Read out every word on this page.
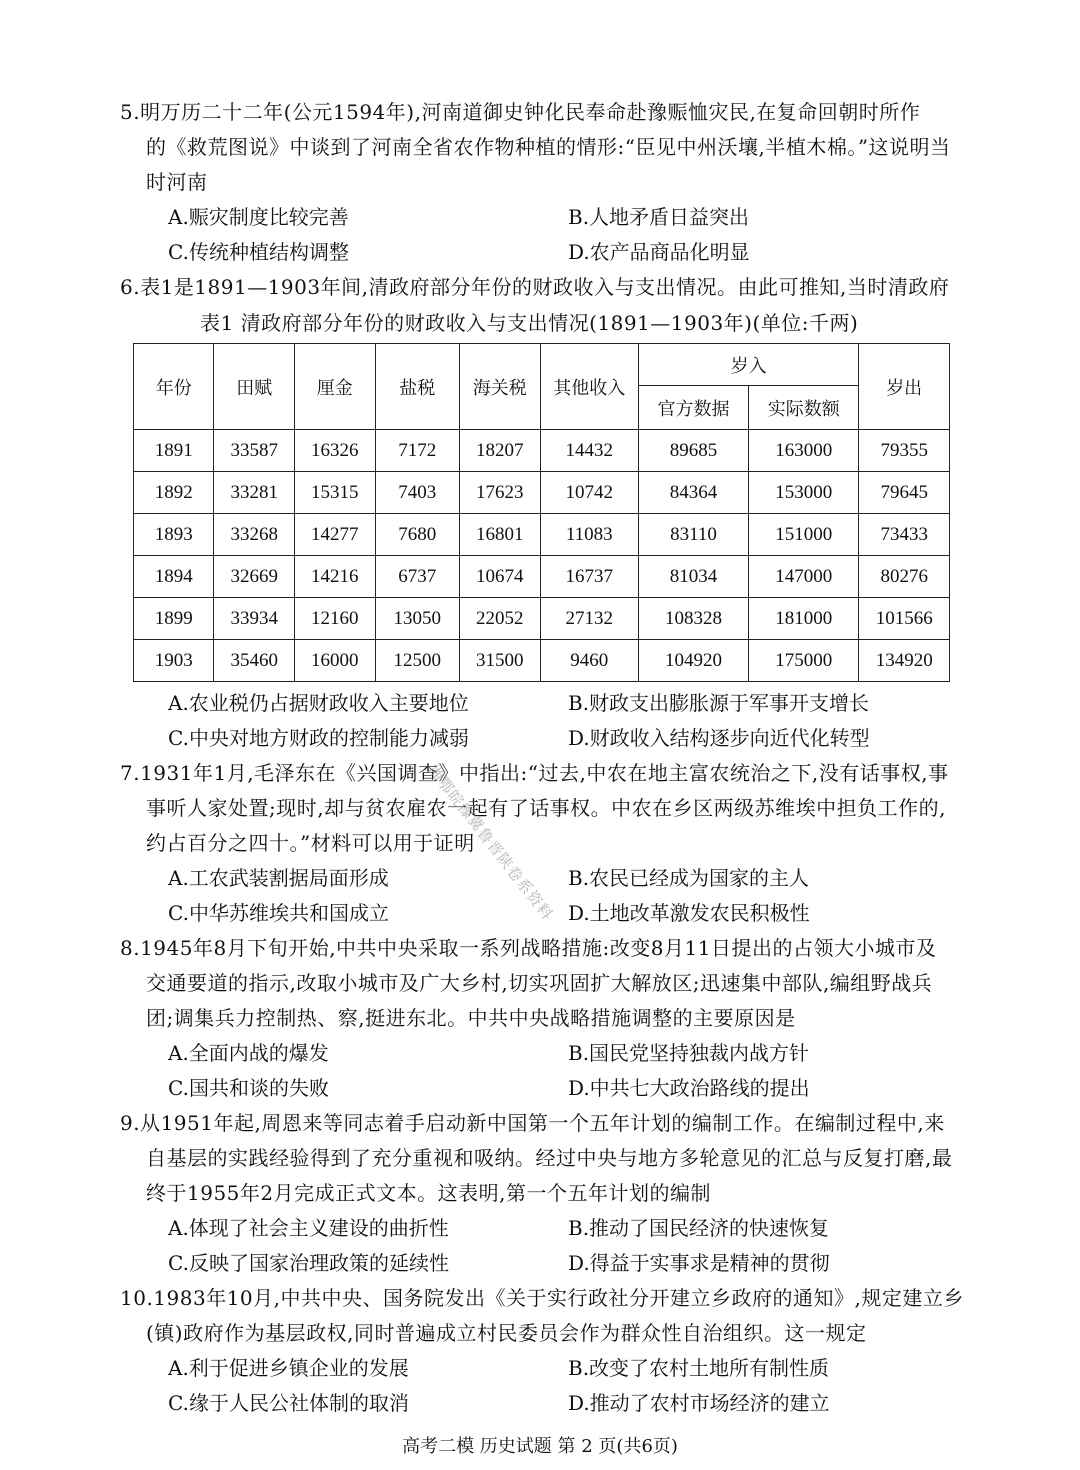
5.明万历二十二年(公元1594年),河南道御史钟化民奉命赴豫赈恤灾民,在复命回朝时所作
的《救荒图说》中谈到了河南全省农作物种植的情形:“臣见中州沃壤,半植木棉。”这说明当
时河南
A.赈灾制度比较完善	B.人地矛盾日益突出
C.传统种植结构调整	D.农产品商品化明显
6.表1是1891—1903年间,清政府部分年份的财政收入与支出情况。由此可推知,当时清政府
表1 清政府部分年份的财政收入与支出情况(1891—1903年)(单位:千两)
年份	田赋	厘金	盐税	海关税	其他收入	岁入		岁出
						官方数据	实际数额	
1891	33587	16326	7172	18207	14432	89685	163000	79355
1892	33281	15315	7403	17623	10742	84364	153000	79645
1893	33268	14277	7680	16801	11083	83110	151000	73433
1894	32669	14216	6737	10674	16737	81034	147000	80276
1899	33934	12160	13050	22052	27132	108328	181000	101566
1903	35460	16000	12500	31500	9460	104920	175000	134920
A.农业税仍占据财政收入主要地位	B.财政支出膨胀源于军事开支增长
C.中央对地方财政的控制能力减弱	D.财政收入结构逐步向近代化转型
7.1931年1月,毛泽东在《兴国调查》中指出:“过去,中农在地主富农统治之下,没有话事权,事
事听人家处置;现时,却与贫农雇农一起有了话事权。中农在乡区两级苏维埃中担负工作的,
约占百分之四十。”材料可以用于证明
A.工农武装割据局面形成	B.农民已经成为国家的主人
C.中华苏维埃共和国成立	D.土地改革激发农民积极性
8.1945年8月下旬开始,中共中央采取一系列战略措施:改变8月11日提出的占领大小城市及
交通要道的指示,改取小城市及广大乡村,切实巩固扩大解放区;迅速集中部队,编组野战兵
团;调集兵力控制热、察,挺进东北。中共中央战略措施调整的主要原因是
A.全面内战的爆发	B.国民党坚持独裁内战方针
C.国共和谈的失败	D.中共七大政治路线的提出
9.从1951年起,周恩来等同志着手启动新中国第一个五年计划的编制工作。在编制过程中,来
自基层的实践经验得到了充分重视和吸纳。经过中央与地方多轮意见的汇总与反复打磨,最
终于1955年2月完成正式文本。这表明,第一个五年计划的编制
A.体现了社会主义建设的曲折性	B.推动了国民经济的快速恢复
C.反映了国家治理政策的延续性	D.得益于实事求是精神的贯彻
10.1983年10月,中共中央、国务院发出《关于实行政社分开建立乡政府的通知》,规定建立乡
(镇)政府作为基层政权,同时普遍成立村民委员会作为群众性自治组织。这一规定
A.利于促进乡镇企业的发展	B.改变了农村土地所有制性质
C.缘于人民公社体制的取消	D.推动了农村市场经济的建立
湘鄂皖豫冀鲁晋陕卷系资料
高考二模 历史试题 第 2 页(共6页)
